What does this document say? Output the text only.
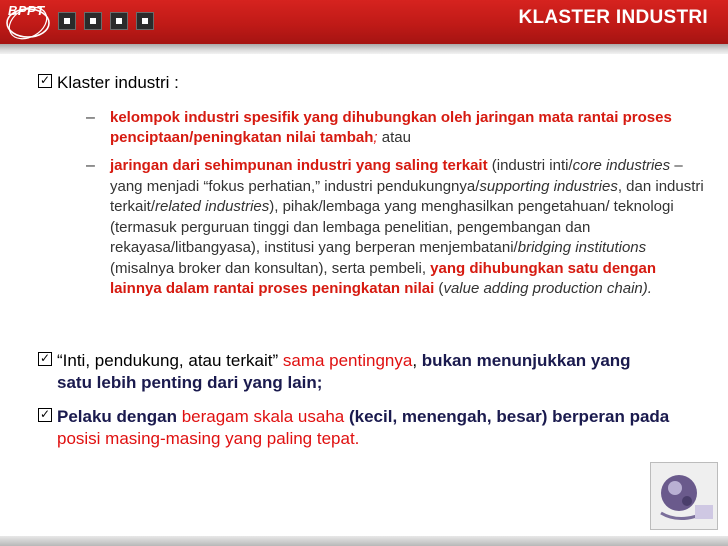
BPPT	KLASTER INDUSTRI
✓ Klaster industri :
– kelompok industri spesifik yang dihubungkan oleh jaringan mata rantai proses penciptaan/peningkatan nilai tambah; atau
– jaringan dari sehimpunan industri yang saling terkait (industri inti/core industries – yang menjadi “fokus perhatian,” industri pendukungnya/supporting industries, dan industri terkait/related industries), pihak/lembaga yang menghasilkan pengetahuan/ teknologi (termasuk perguruan tinggi dan lembaga penelitian, pengembangan dan rekayasa/litbangyasa), institusi yang berperan menjembatani/bridging institutions (misalnya broker dan konsultan), serta pembeli, yang dihubungkan satu dengan lainnya dalam rantai proses peningkatan nilai (value adding production chain).
✓ “Inti, pendukung, atau terkait” sama pentingnya, bukan menunjukkan yang satu lebih penting dari yang lain;
✓ Pelaku dengan beragam skala usaha (kecil, menengah, besar) berperan pada posisi masing-masing yang paling tepat.
